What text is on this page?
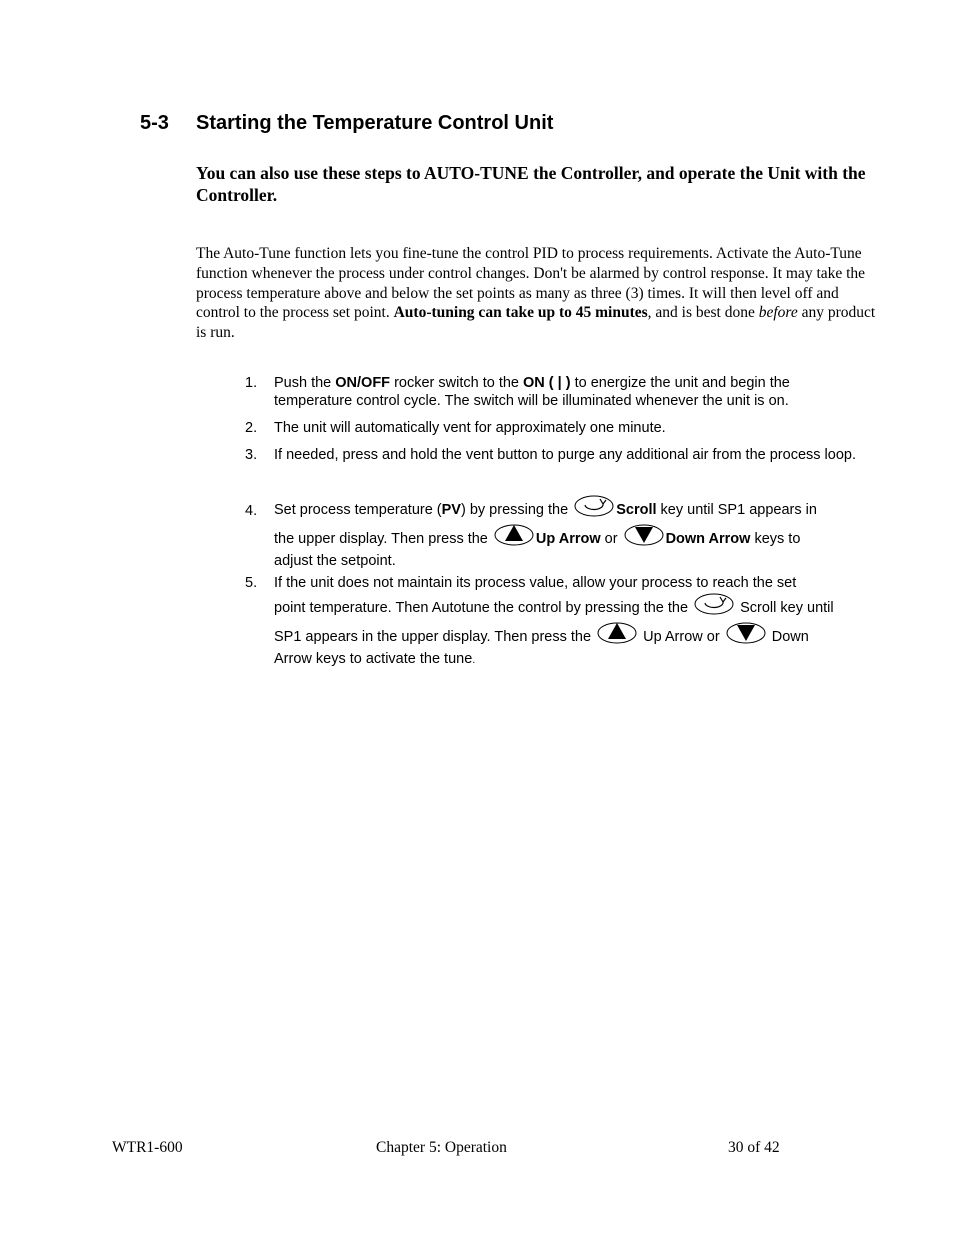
5-3 Starting the Temperature Control Unit
You can also use these steps to AUTO-TUNE the Controller, and operate the Unit with the Controller.
The Auto-Tune function lets you fine-tune the control PID to process requirements. Activate the Auto-Tune function whenever the process under control changes. Don't be alarmed by control response. It may take the process temperature above and below the set points as many as three (3) times. It will then level off and control to the process set point. Auto-tuning can take up to 45 minutes, and is best done before any product is run.
1.	Push the ON/OFF rocker switch to the ON ( | ) to energize the unit and begin the
temperature control cycle. The switch will be illuminated whenever the unit is on.
2.	The unit will automatically vent for approximately one minute.
3.	If needed, press and hold the vent button to purge any additional air from the process loop.
4.	Set process temperature (PV) by pressing the	Scroll key until SP1 appears in
the upper display. Then press the	Up Arrow or	Down Arrow keys to
adjust the setpoint.
5.	If the unit does not maintain its process value, allow your process to reach the set
point temperature. Then Autotune the control by pressing the the	Scroll key until
SP1 appears in the upper display. Then press the	Up Arrow or	Down
Arrow keys to activate the tune.
WTR1-600	Chapter 5: Operation	30 of 42
